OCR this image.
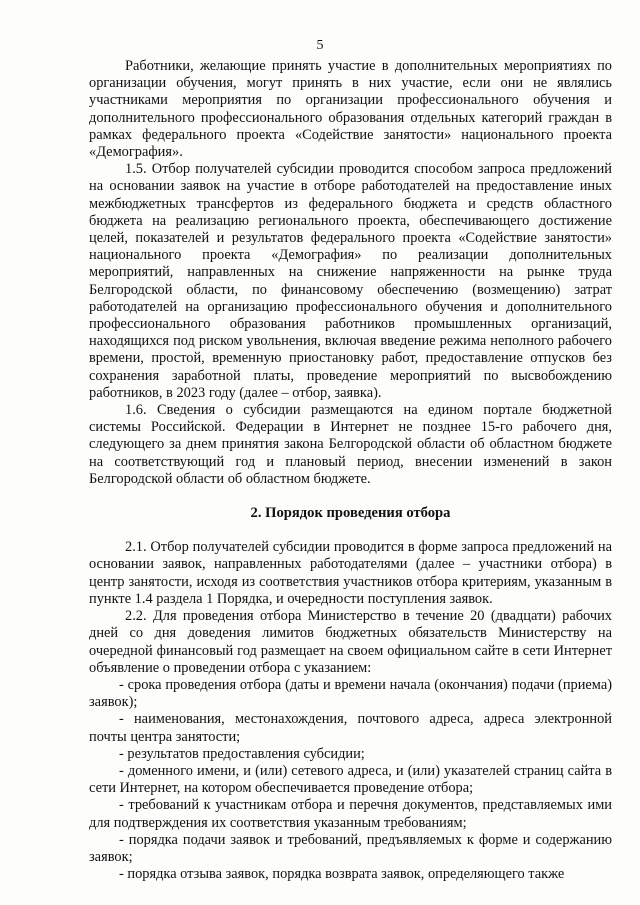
5

Работники, желающие принять участие в дополнительных мероприятиях по организации обучения, могут принять в них участие, если они не являлись участниками мероприятия по организации профессионального обучения и дополнительного профессионального образования отдельных категорий граждан в рамках федерального проекта «Содействие занятости» национального проекта «Демография».

1.5. Отбор получателей субсидии проводится способом запроса предложений на основании заявок на участие в отборе работодателей на предоставление иных межбюджетных трансфертов из федерального бюджета и средств областного бюджета на реализацию регионального проекта, обеспечивающего достижение целей, показателей и результатов федерального проекта «Содействие занятости» национального проекта «Демография» по реализации дополнительных мероприятий, направленных на снижение напряженности на рынке труда Белгородской области, по финансовому обеспечению (возмещению) затрат работодателей на организацию профессионального обучения и дополнительного профессионального образования работников промышленных организаций, находящихся под риском увольнения, включая введение режима неполного рабочего времени, простой, временную приостановку работ, предоставление отпусков без сохранения заработной платы, проведение мероприятий по высвобождению работников, в 2023 году (далее – отбор, заявка).

1.6. Сведения о субсидии размещаются на едином портале бюджетной системы Российской. Федерации в Интернет не позднее 15-го рабочего дня, следующего за днем принятия закона Белгородской области об областном бюджете на соответствующий год и плановый период, внесении изменений в закон Белгородской области об областном бюджете.

2. Порядок проведения отбора

2.1. Отбор получателей субсидии проводится в форме запроса предложений на основании заявок, направленных работодателями (далее – участники отбора) в центр занятости, исходя из соответствия участников отбора критериям, указанным в пункте 1.4 раздела 1 Порядка, и очередности поступления заявок.

2.2. Для проведения отбора Министерство в течение 20 (двадцати) рабочих дней со дня доведения лимитов бюджетных обязательств Министерству на очередной финансовый год размещает на своем официальном сайте в сети Интернет объявление о проведении отбора с указанием:

- срока проведения отбора (даты и времени начала (окончания) подачи (приема) заявок);

- наименования, местонахождения, почтового адреса, адреса электронной почты центра занятости;

- результатов предоставления субсидии;

- доменного имени, и (или) сетевого адреса, и (или) указателей страниц сайта в сети Интернет, на котором обеспечивается проведение отбора;

- требований к участникам отбора и перечня документов, представляемых ими для подтверждения их соответствия указанным требованиям;

- порядка подачи заявок и требований, предъявляемых к форме и содержанию заявок;

- порядка отзыва заявок, порядка возврата заявок, определяющего также
